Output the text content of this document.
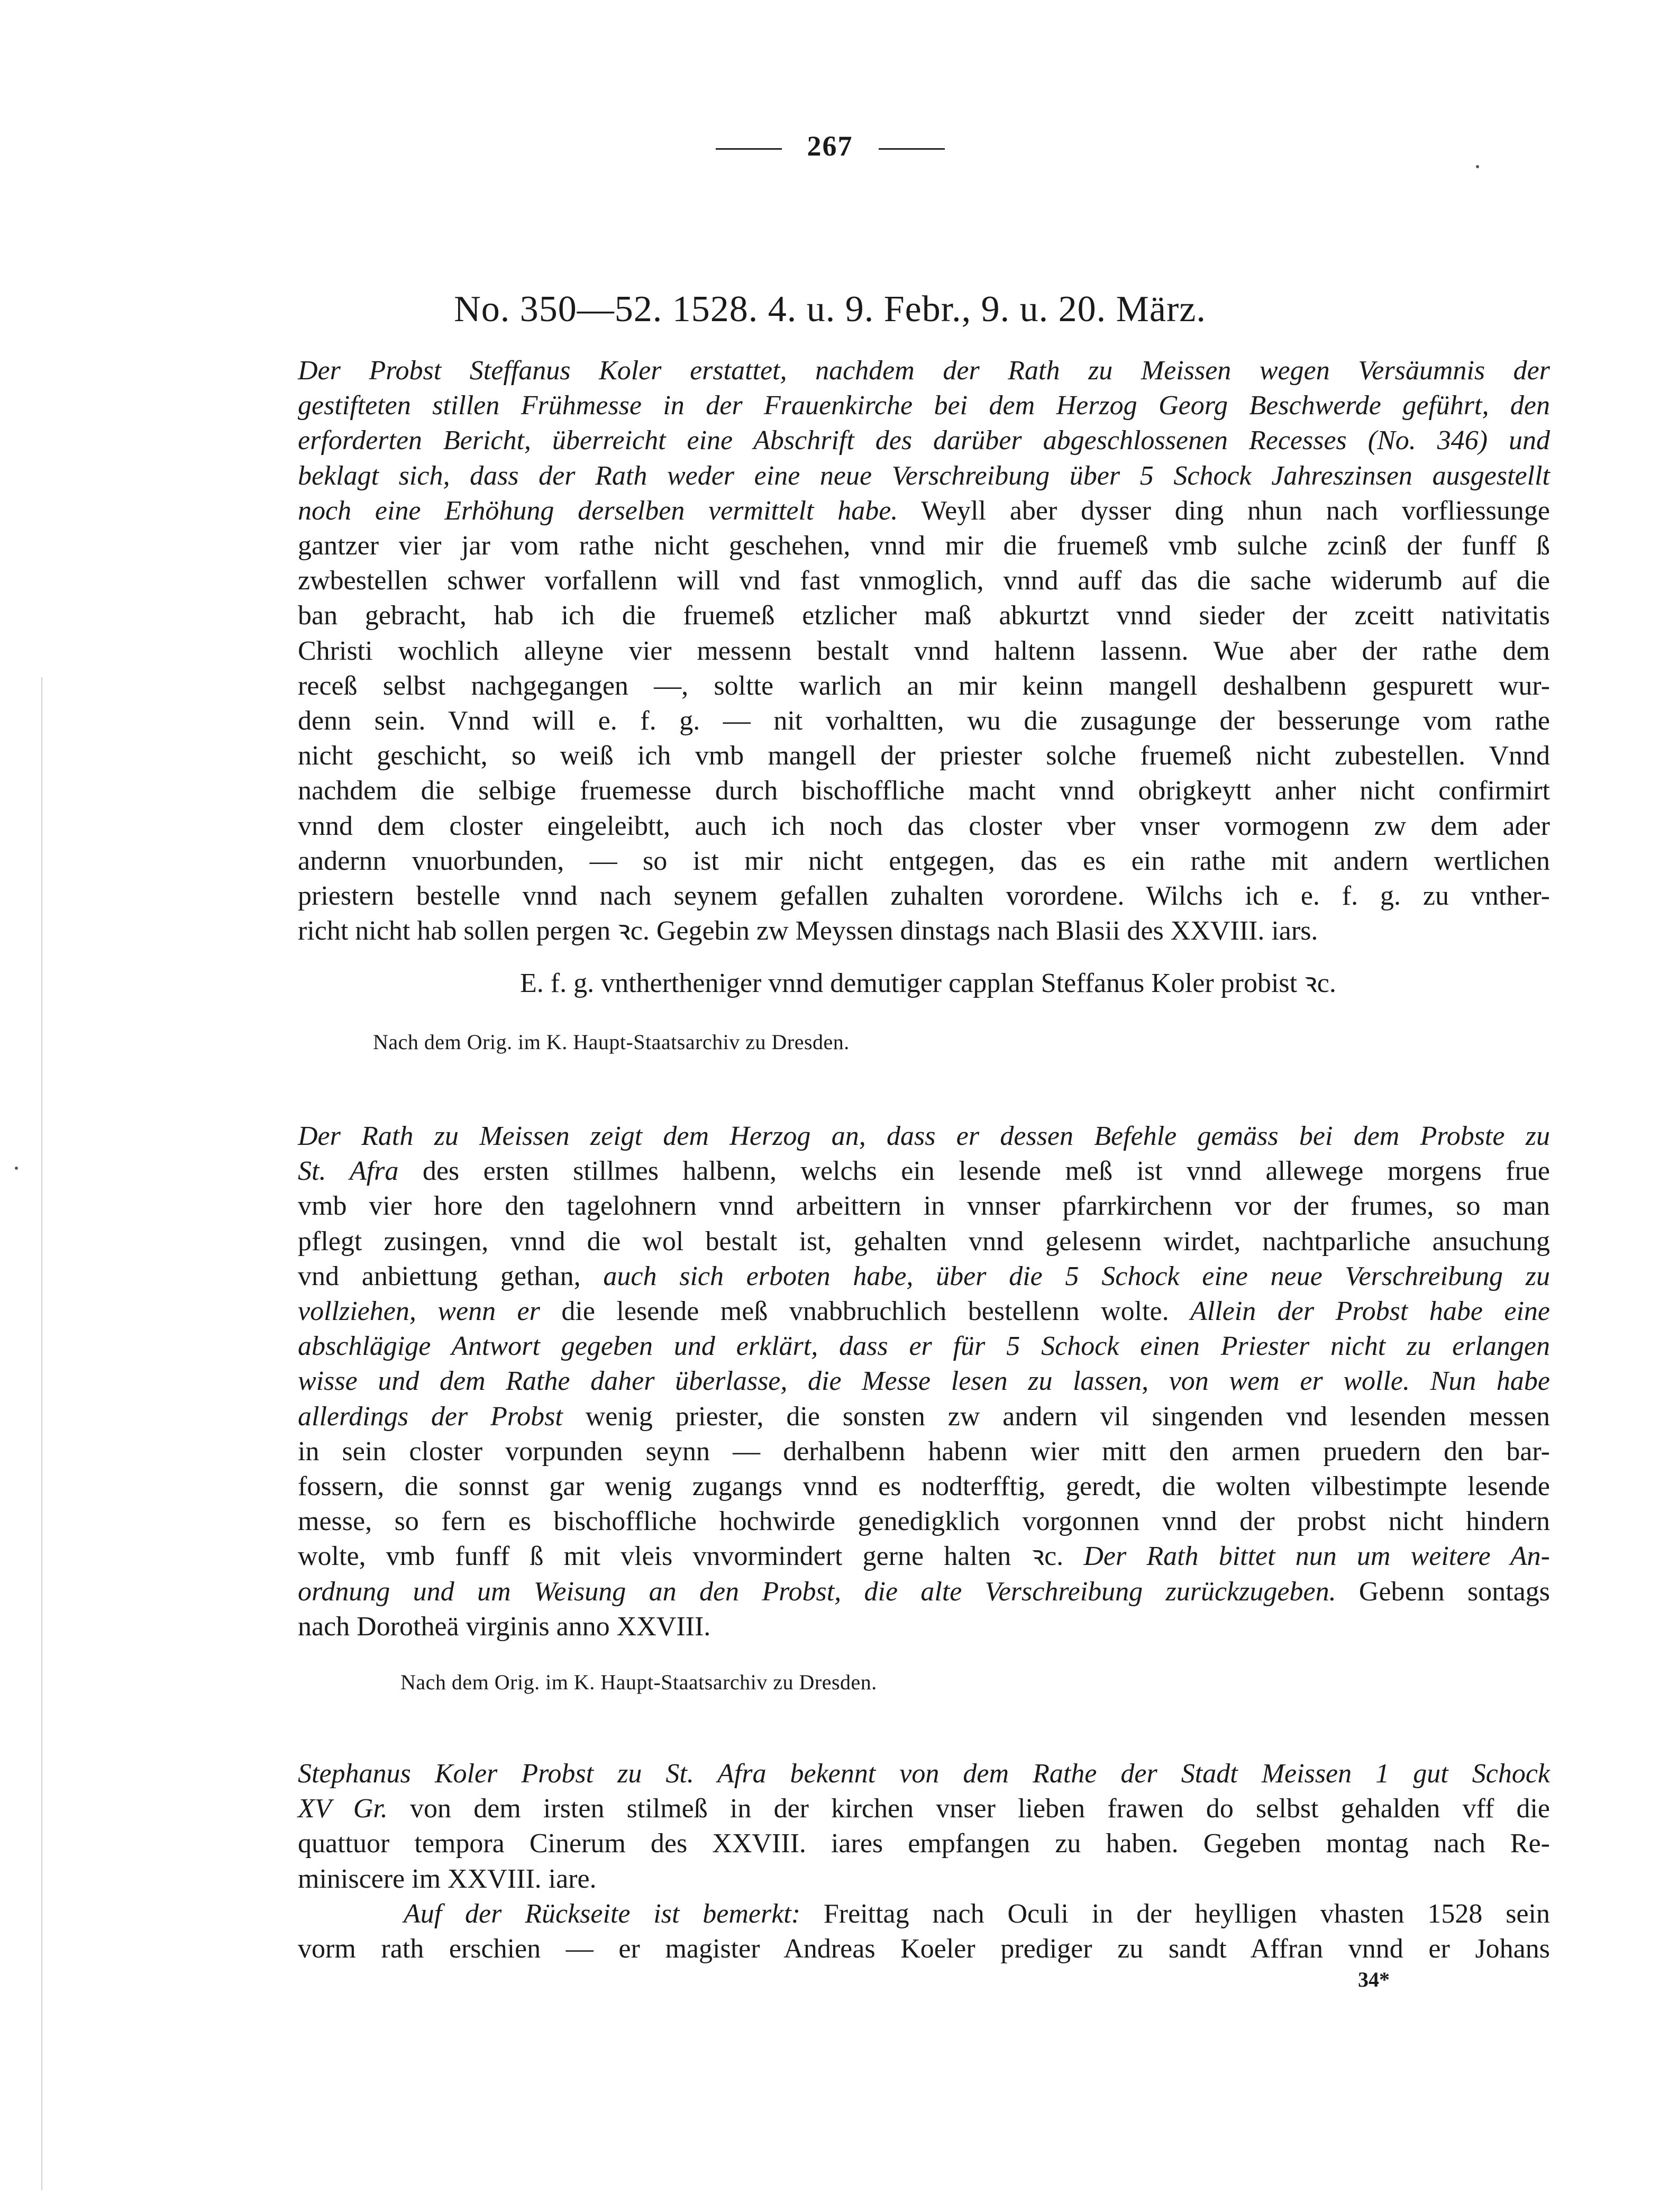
267
No. 350—52. 1528. 4. u. 9. Febr., 9. u. 20. März.
Der Probst Steffanus Koler erstattet, nachdem der Rath zu Meissen wegen Versäumnis der
gestifteten stillen Frühmesse in der Frauenkirche bei dem Herzog Georg Beschwerde geführt, den
erforderten Bericht, überreicht eine Abschrift des darüber abgeschlossenen Recesses (No. 346) und
beklagt sich, dass der Rath weder eine neue Verschreibung über 5 Schock Jahreszinsen ausgestellt
noch eine Erhöhung derselben vermittelt habe. Weyll aber dysser ding nhun nach vorfliessunge
gantzer vier jar vom rathe nicht geschehen, vnnd mir die fruemeß vmb sulche zcinß der funff ß
zwbestellen schwer vorfallenn will vnd fast vnmoglich, vnnd auff das die sache widerumb auf die
ban gebracht, hab ich die fruemeß etzlicher maß abkurtzt vnnd sieder der zceitt nativitatis
Christi wochlich alleyne vier messenn bestalt vnnd haltenn lassenn. Wue aber der rathe dem
receß selbst nachgegangen —, soltte warlich an mir keinn mangell deshalbenn gespurett wur-
denn sein. Vnnd will e. f. g. — nit vorhaltten, wu die zusagunge der besserunge vom rathe
nicht geschicht, so weiß ich vmb mangell der priester solche fruemeß nicht zubestellen. Vnnd
nachdem die selbige fruemesse durch bischoffliche macht vnnd obrigkeytt anher nicht confirmirt
vnnd dem closter eingeleibtt, auch ich noch das closter vber vnser vormogenn zw dem ader
andernn vnuorbunden, — so ist mir nicht entgegen, das es ein rathe mit andern wertlichen
priestern bestelle vnnd nach seynem gefallen zuhalten vorordene. Wilchs ich e. f. g. zu vnther-
richt nicht hab sollen pergen ꝛc. Gegebin zw Meyssen dinstags nach Blasii des XXVIII. iars.
E. f. g. vnthertheniger vnnd demutiger capplan Steffanus Koler probist ꝛc.
Nach dem Orig. im K. Haupt-Staatsarchiv zu Dresden.
Der Rath zu Meissen zeigt dem Herzog an, dass er dessen Befehle gemäss bei dem Probste zu
St. Afra des ersten stillmes halbenn, welchs ein lesende meß ist vnnd allewege morgens frue
vmb vier hore den tagelohnern vnnd arbeittern in vnnser pfarrkirchenn vor der frumes, so man
pflegt zusingen, vnnd die wol bestalt ist, gehalten vnnd gelesenn wirdet, nachtparliche ansuchung
vnd anbiettung gethan, auch sich erboten habe, über die 5 Schock eine neue Verschreibung zu
vollziehen, wenn er die lesende meß vnabbruchlich bestellenn wolte. Allein der Probst habe eine
abschlägige Antwort gegeben und erklärt, dass er für 5 Schock einen Priester nicht zu erlangen
wisse und dem Rathe daher überlasse, die Messe lesen zu lassen, von wem er wolle. Nun habe
allerdings der Probst wenig priester, die sonsten zw andern vil singenden vnd lesenden messen
in sein closter vorpunden seynn — derhalbenn habenn wier mitt den armen pruedern den bar-
fossern, die sonnst gar wenig zugangs vnnd es nodterfftig, geredt, die wolten vilbestimpte lesende
messe, so fern es bischoffliche hochwirde genedigklich vorgonnen vnnd der probst nicht hindern
wolte, vmb funff ß mit vleis vnvormindert gerne halten ꝛc. Der Rath bittet nun um weitere An-
ordnung und um Weisung an den Probst, die alte Verschreibung zurückzugeben. Gebenn sontags
nach Dorotheä virginis anno XXVIII.
Nach dem Orig. im K. Haupt-Staatsarchiv zu Dresden.
Stephanus Koler Probst zu St. Afra bekennt von dem Rathe der Stadt Meissen 1 gut Schock
XV Gr. von dem irsten stilmeß in der kirchen vnser lieben frawen do selbst gehalden vff die
quattuor tempora Cinerum des XXVIII. iares empfangen zu haben. Gegeben montag nach Re-
miniscere im XXVIII. iare.
Auf der Rückseite ist bemerkt: Freittag nach Oculi in der heylligen vhasten 1528 sein
vorm rath erschien — er magister Andreas Koeler prediger zu sandt Affran vnnd er Johans
34*
